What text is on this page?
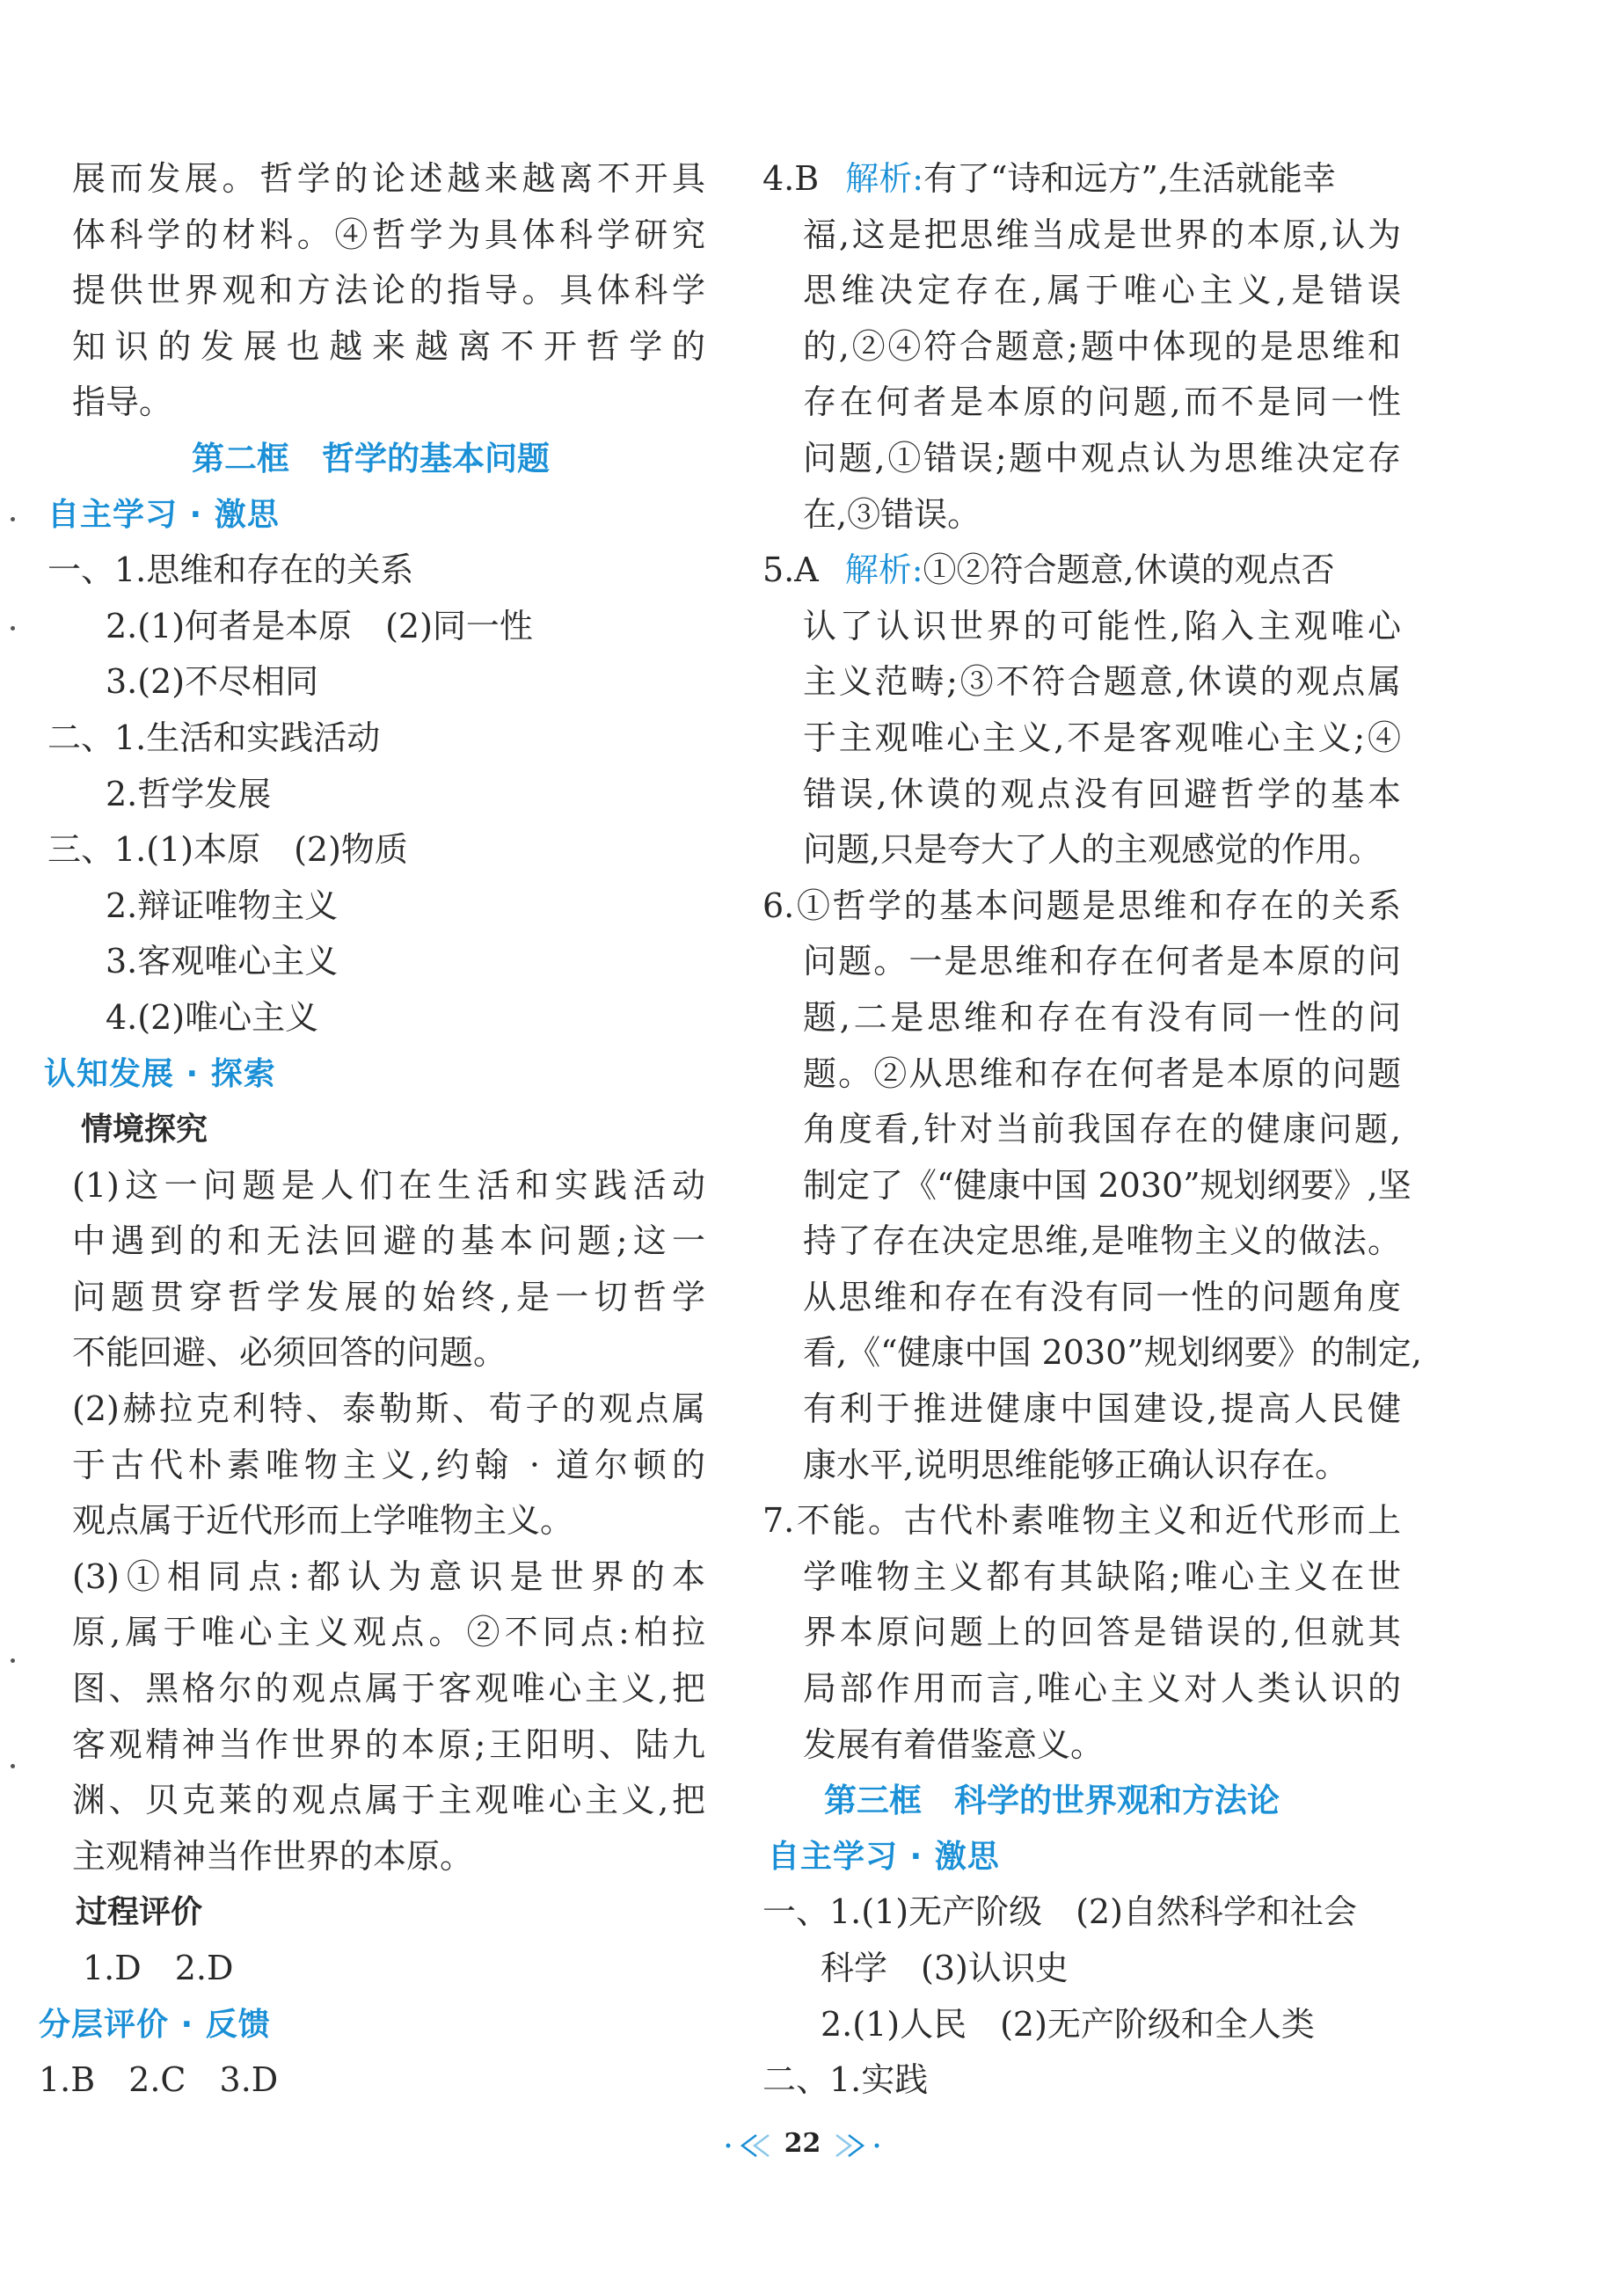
展而发展。哲学的论述越来越离不开具
体科学的材料。④哲学为具体科学研究
提供世界观和方法论的指导。具体科学
知识的发展也越来越离不开哲学的
指导。
第二框　哲学的基本问题
自主学习 · 激思
一、1.思维和存在的关系
2.(1)何者是本原　(2)同一性
3.(2)不尽相同
二、1.生活和实践活动
2.哲学发展
三、1.(1)本原　(2)物质
2.辩证唯物主义
3.客观唯心主义
4.(2)唯心主义
认知发展 · 探索
情境探究
(1)这一问题是人们在生活和实践活动
中遇到的和无法回避的基本问题;这一
问题贯穿哲学发展的始终,是一切哲学
不能回避、必须回答的问题。
(2)赫拉克利特、泰勒斯、荀子的观点属
于古代朴素唯物主义,约翰 · 道尔顿的
观点属于近代形而上学唯物主义。
(3)①相同点:都认为意识是世界的本
原,属于唯心主义观点。②不同点:柏拉
图、黑格尔的观点属于客观唯心主义,把
客观精神当作世界的本原;王阳明、陆九
渊、贝克莱的观点属于主观唯心主义,把
主观精神当作世界的本原。
过程评价
1.D　2.D
分层评价 · 反馈
1.B　2.C　3.D
4.B 解析:有了“诗和远方”,生活就能幸
福,这是把思维当成是世界的本原,认为
思维决定存在,属于唯心主义,是错误
的,②④符合题意;题中体现的是思维和
存在何者是本原的问题,而不是同一性
问题,①错误;题中观点认为思维决定存
在,③错误。
5.A 解析:①②符合题意,休谟的观点否
认了认识世界的可能性,陷入主观唯心
主义范畴;③不符合题意,休谟的观点属
于主观唯心主义,不是客观唯心主义;④
错误,休谟的观点没有回避哲学的基本
问题,只是夸大了人的主观感觉的作用。
6.①哲学的基本问题是思维和存在的关系
问题。一是思维和存在何者是本原的问
题,二是思维和存在有没有同一性的问
题。②从思维和存在何者是本原的问题
角度看,针对当前我国存在的健康问题,
制定了《“健康中国 2030”规划纲要》,坚
持了存在决定思维,是唯物主义的做法。
从思维和存在有没有同一性的问题角度
看,《“健康中国 2030”规划纲要》的制定,
有利于推进健康中国建设,提高人民健
康水平,说明思维能够正确认识存在。
7.不能。古代朴素唯物主义和近代形而上
学唯物主义都有其缺陷;唯心主义在世
界本原问题上的回答是错误的,但就其
局部作用而言,唯心主义对人类认识的
发展有着借鉴意义。
第三框　科学的世界观和方法论
自主学习 · 激思
一、1.(1)无产阶级　(2)自然科学和社会
科学　(3)认识史
2.(1)人民　(2)无产阶级和全人类
二、1.实践
22
